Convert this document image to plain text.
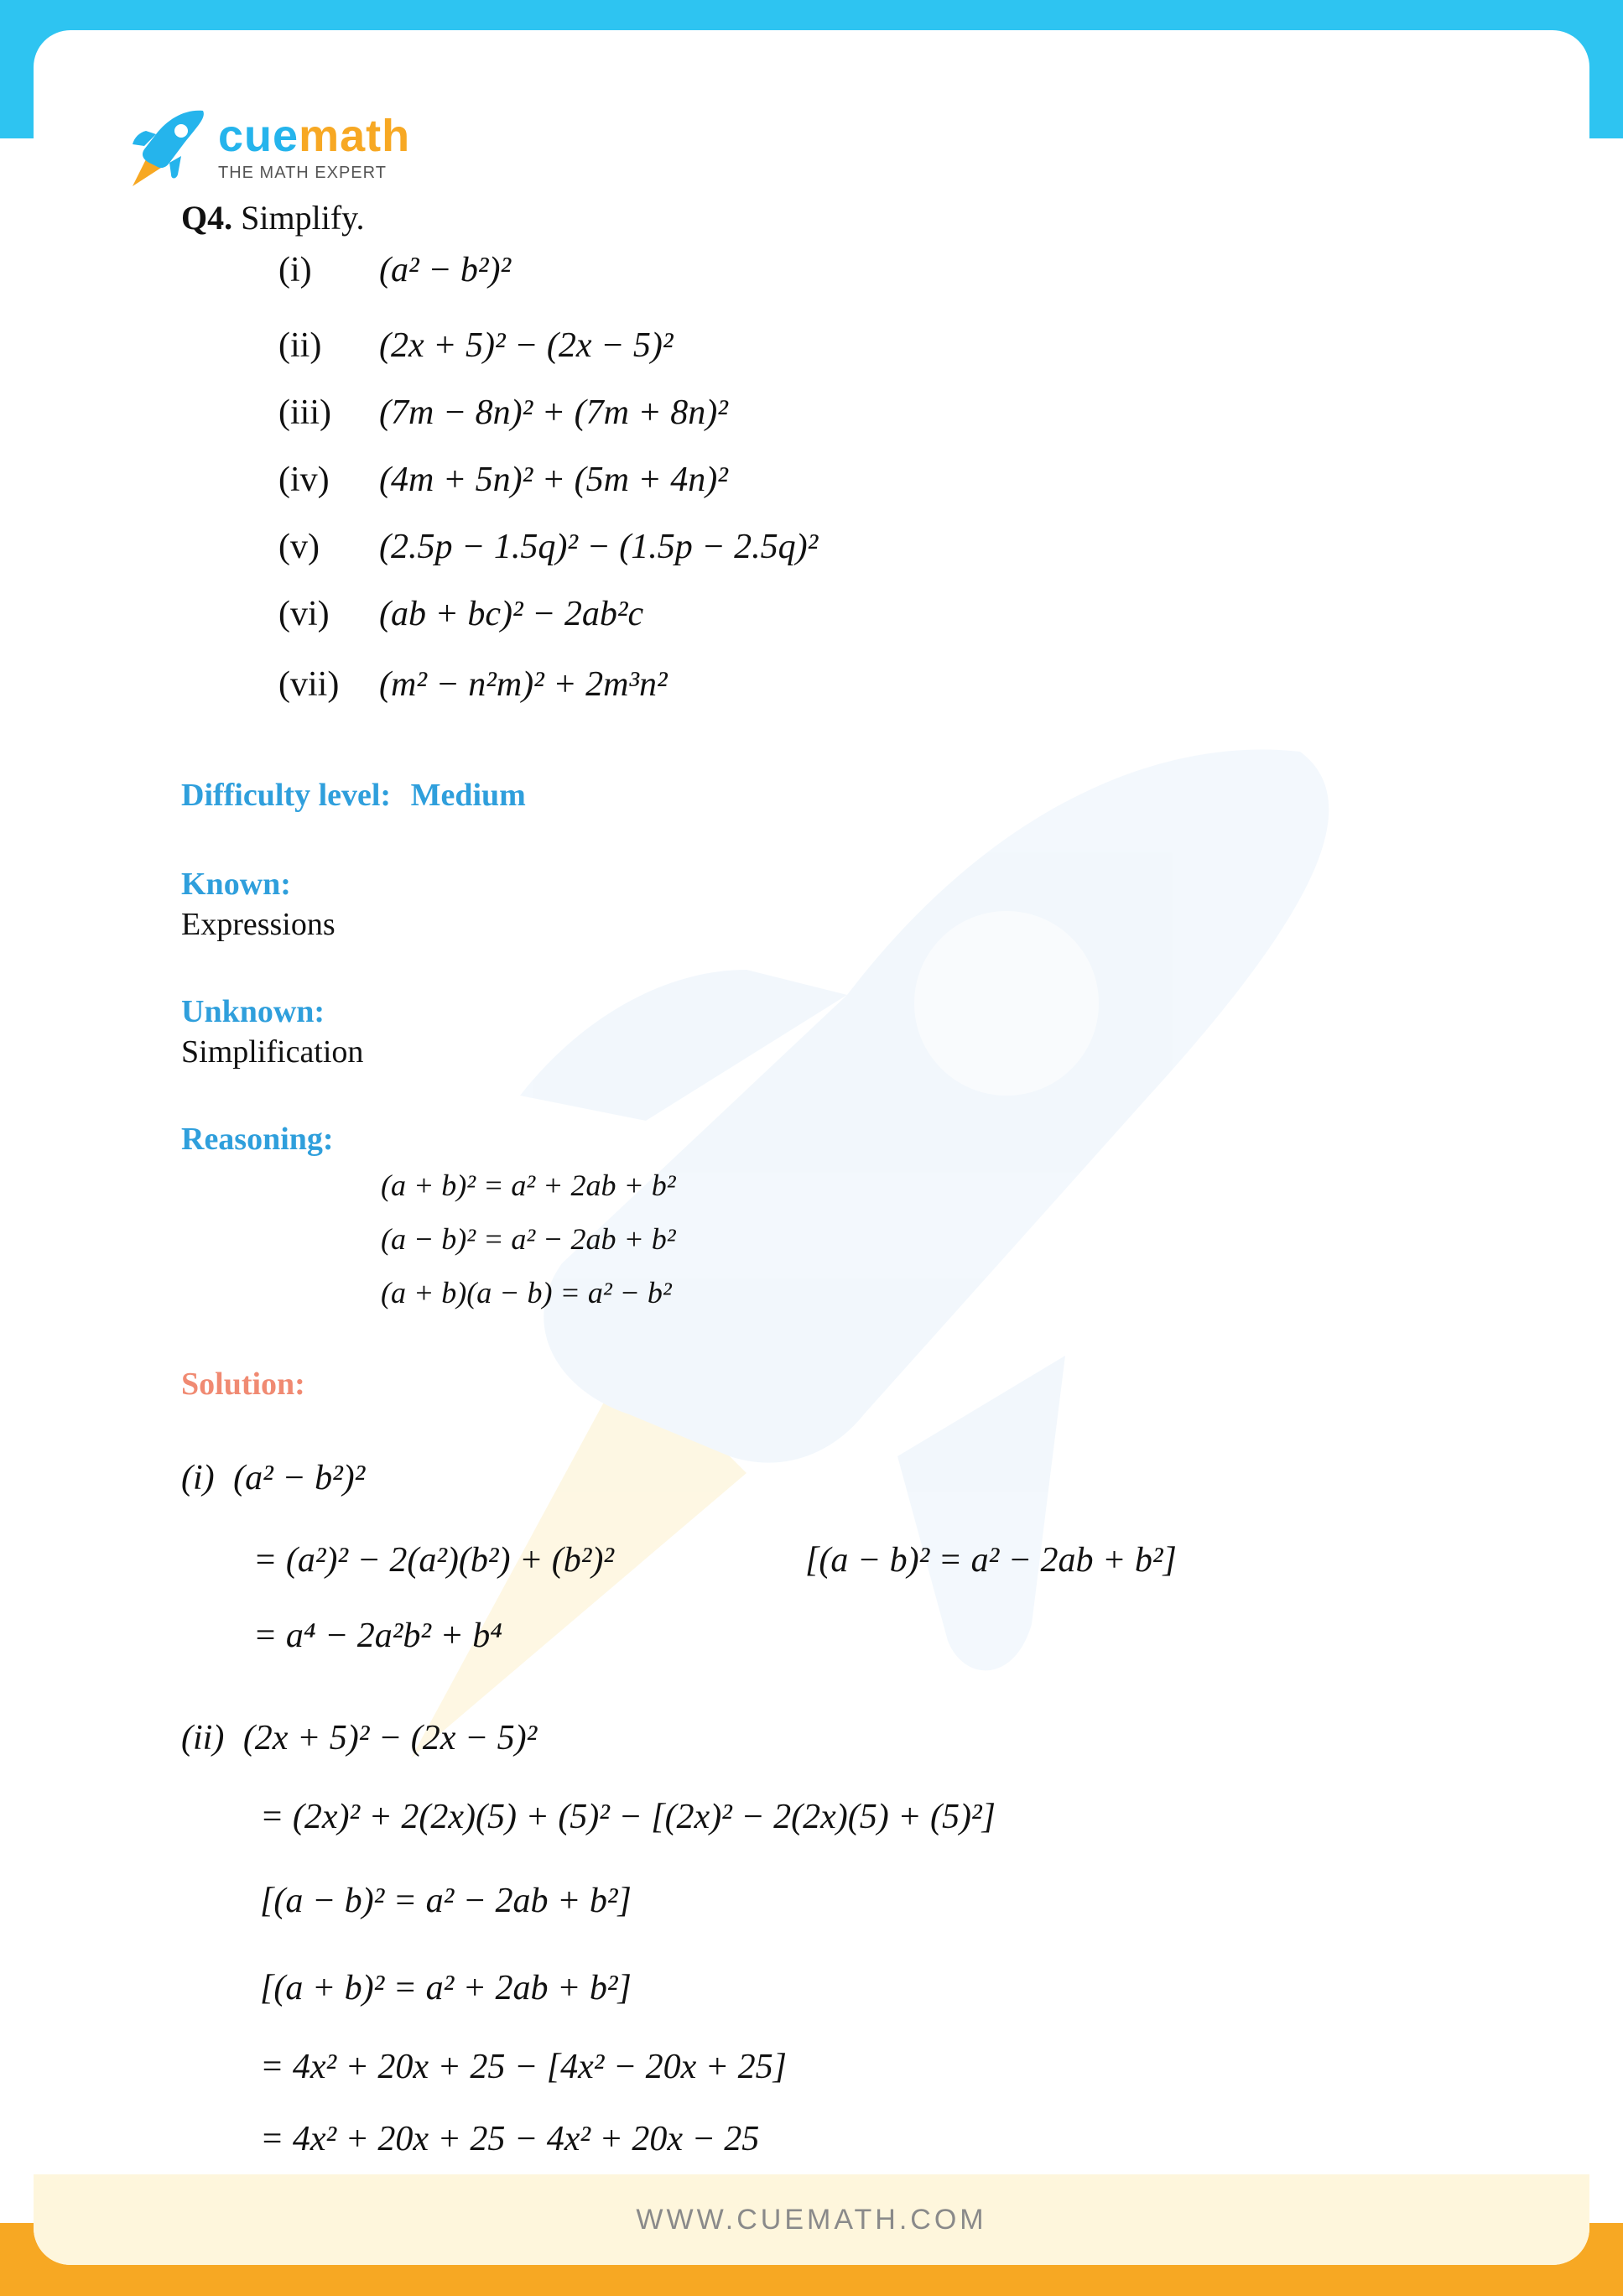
cuemath
THE MATH EXPERT
Q4. Simplify.
(i) (a² − b²)²
(ii) (2x + 5)² − (2x − 5)²
(iii) (7m − 8n)² + (7m + 8n)²
(iv) (4m + 5n)² + (5m + 4n)²
(v) (2.5p − 1.5q)² − (1.5p − 2.5q)²
(vi) (ab + bc)² − 2ab²c
(vii) (m² − n²m)² + 2m³n²
Difficulty level: Medium
Known:
Expressions
Unknown:
Simplification
Reasoning:
(a + b)² = a² + 2ab + b²
(a − b)² = a² − 2ab + b²
(a + b)(a − b) = a² − b²
Solution:
(i) (a² − b²)²
= (a²)² − 2(a²)(b²) + (b²)²	[(a − b)² = a² − 2ab + b²]
= a⁴ − 2a²b² + b⁴
(ii) (2x + 5)² − (2x − 5)²
= (2x)² + 2(2x)(5) + (5)² − [(2x)² − 2(2x)(5) + (5)²]
[(a − b)² = a² − 2ab + b²]
[(a + b)² = a² + 2ab + b²]
= 4x² + 20x + 25 − [4x² − 20x + 25]
= 4x² + 20x + 25 − 4x² + 20x − 25
WWW.CUEMATH.COM
